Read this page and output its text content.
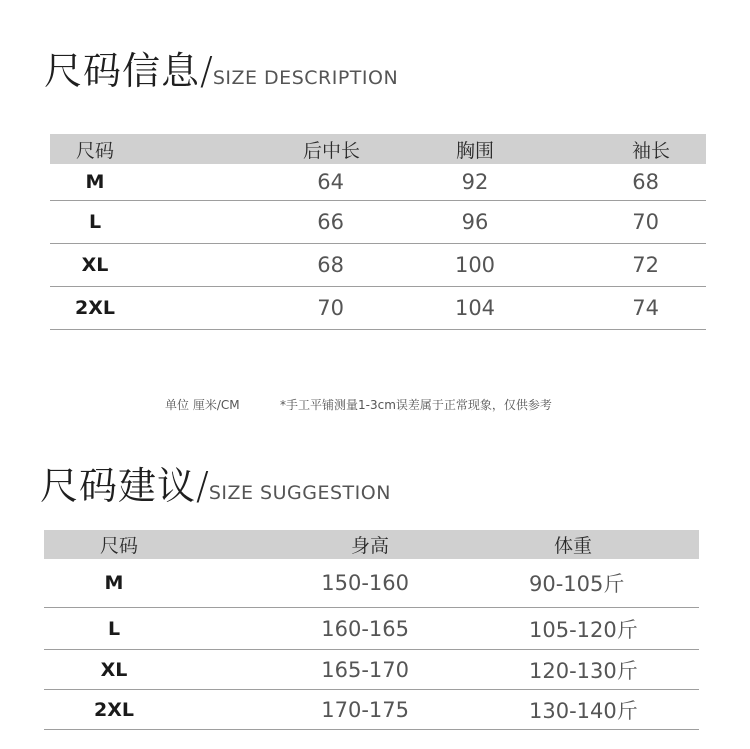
尺码信息/SIZE DESCRIPTION
尺码	后中长	胸围	袖长
M	64	92	68
L	66	96	70
XL	68	100	72
2XL	70	104	74
单位 厘米/CM	*手工平铺测量1-3cm误差属于正常现象，仅供参考
尺码建议/SIZE SUGGESTION
尺码	身高	体重
M	150-160	90-105斤
L	160-165	105-120斤
XL	165-170	120-130斤
2XL	170-175	130-140斤
